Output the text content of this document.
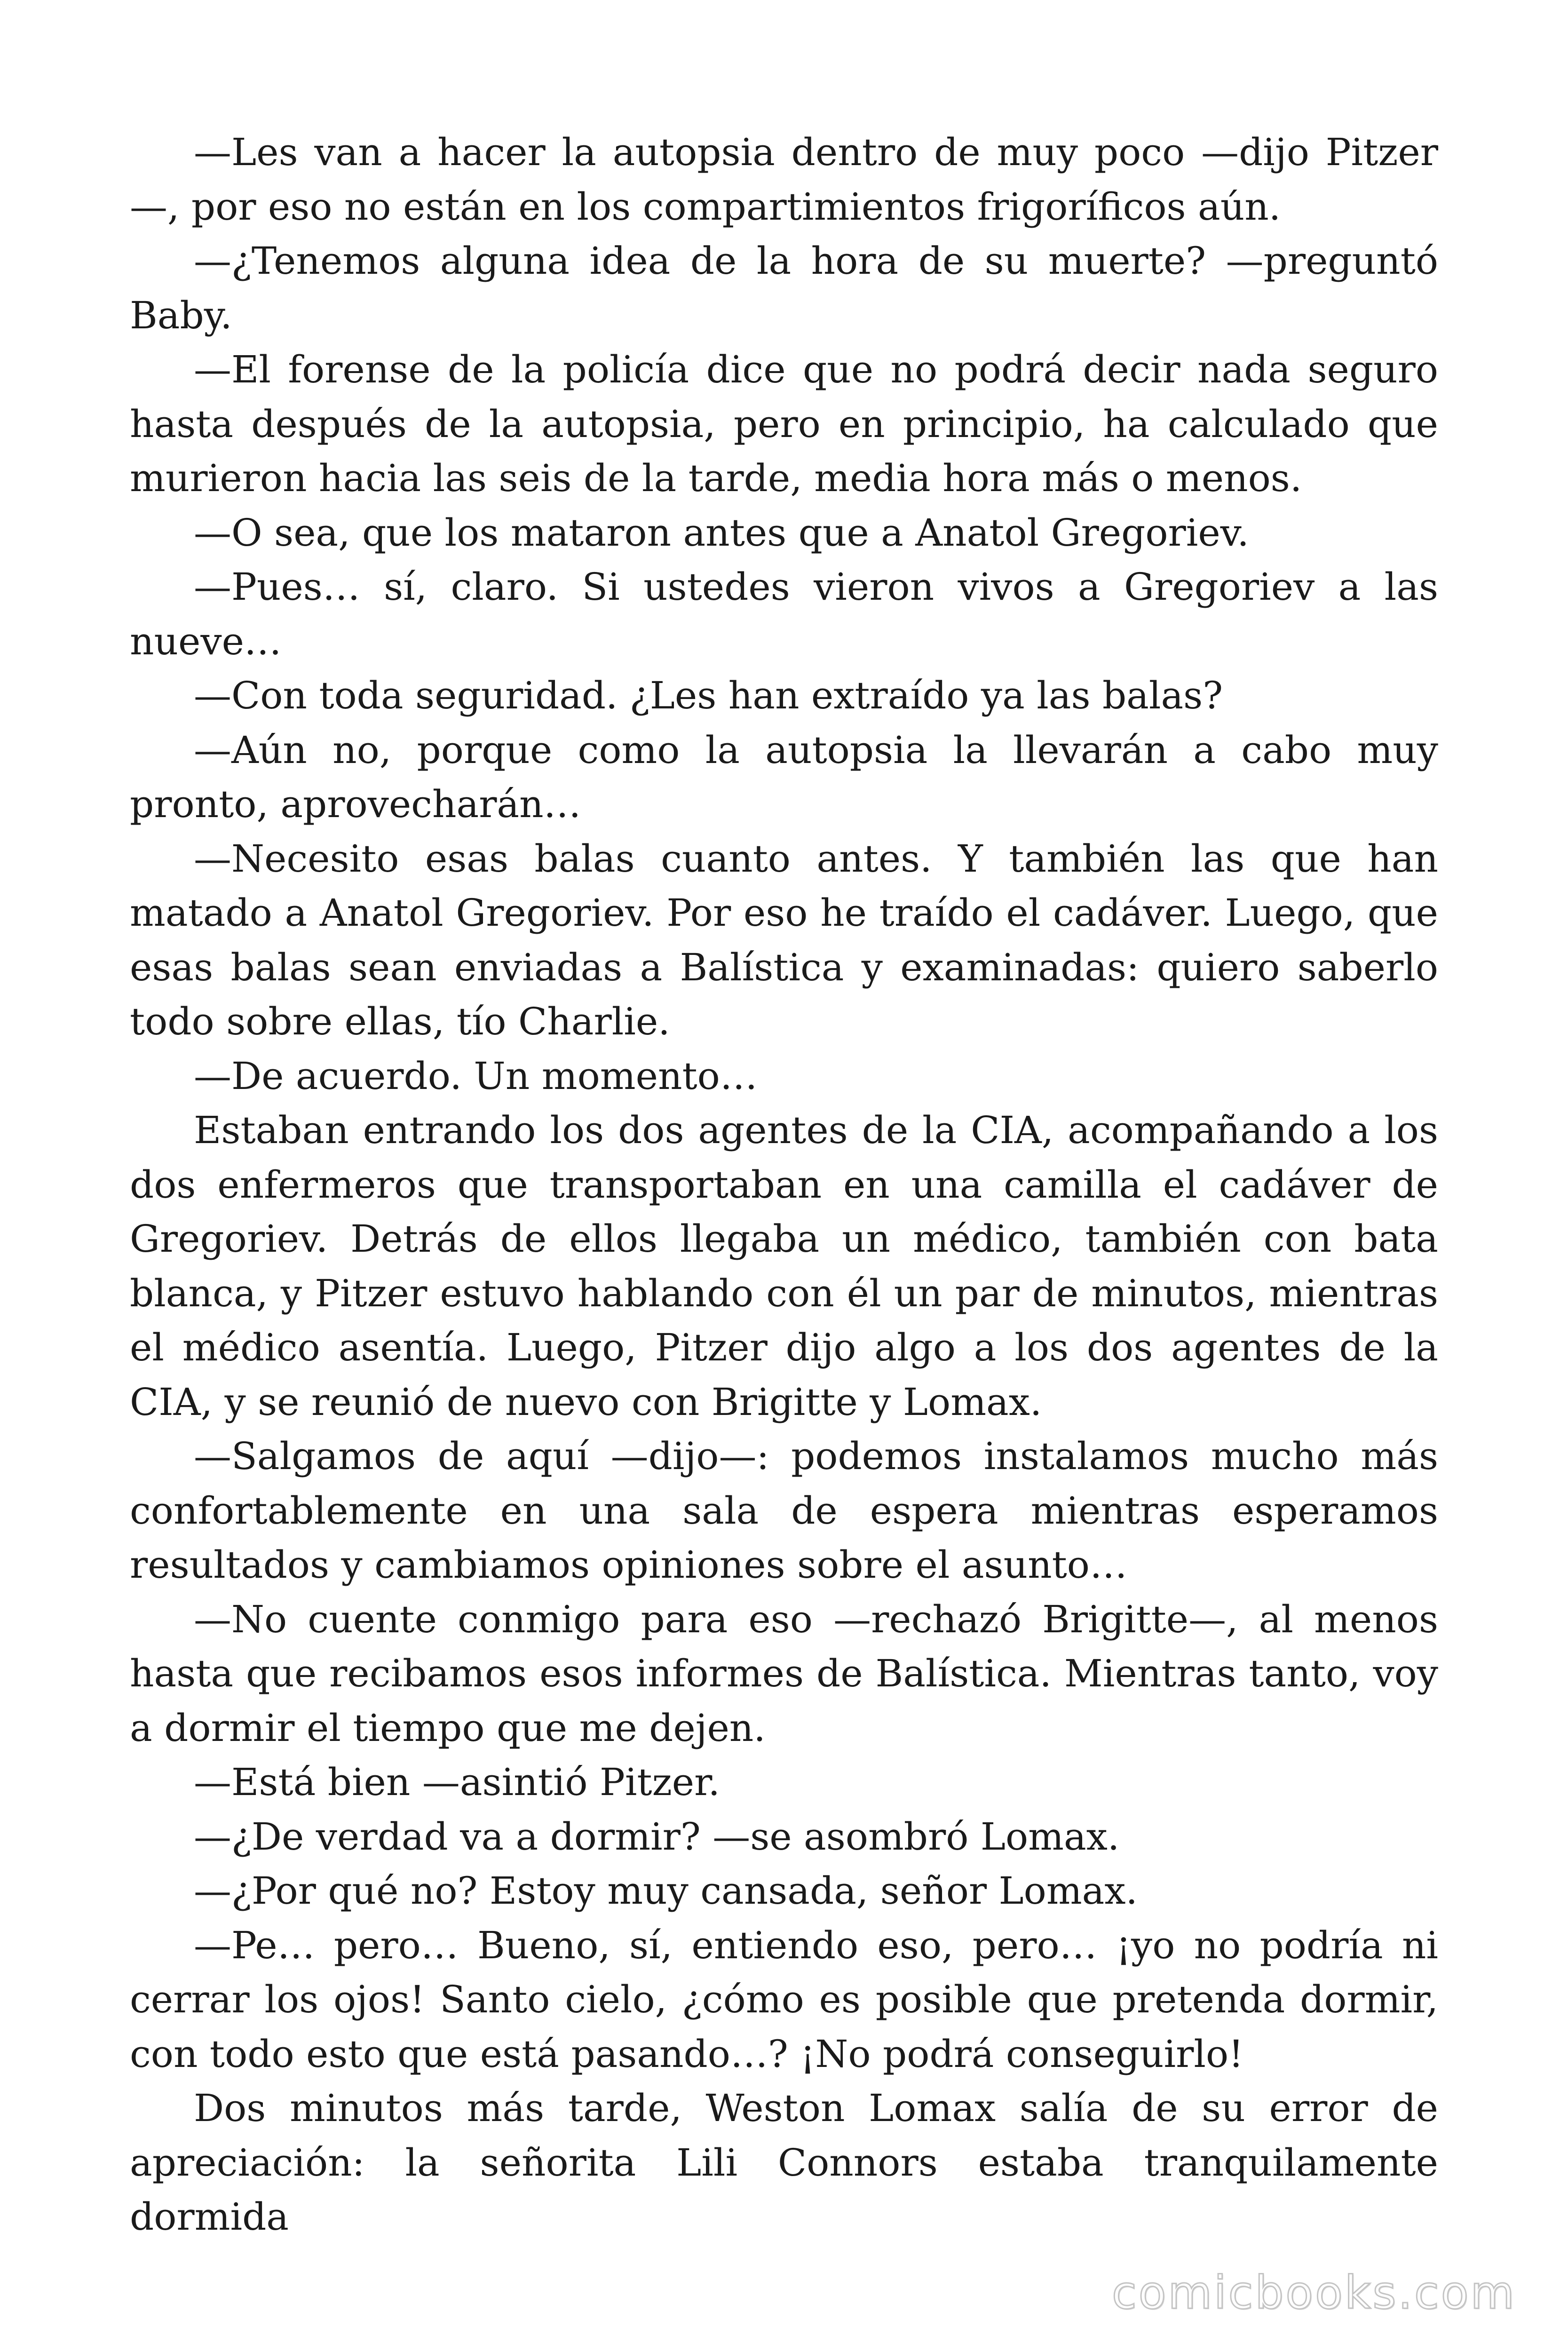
—Les van a hacer la autopsia dentro de muy poco —dijo Pitzer—, por eso no están en los compartimientos frigoríficos aún.

—¿Tenemos alguna idea de la hora de su muerte? —preguntó Baby.

—El forense de la policía dice que no podrá decir nada seguro hasta después de la autopsia, pero en principio, ha calculado que murieron hacia las seis de la tarde, media hora más o menos.

—O sea, que los mataron antes que a Anatol Gregoriev.

—Pues… sí, claro. Si ustedes vieron vivos a Gregoriev a las nueve…

—Con toda seguridad. ¿Les han extraído ya las balas?

—Aún no, porque como la autopsia la llevarán a cabo muy pronto, aprovecharán…

—Necesito esas balas cuanto antes. Y también las que han matado a Anatol Gregoriev. Por eso he traído el cadáver. Luego, que esas balas sean enviadas a Balística y examinadas: quiero saberlo todo sobre ellas, tío Charlie.

—De acuerdo. Un momento…

Estaban entrando los dos agentes de la CIA, acompañando a los dos enfermeros que transportaban en una camilla el cadáver de Gregoriev. Detrás de ellos llegaba un médico, también con bata blanca, y Pitzer estuvo hablando con él un par de minutos, mientras el médico asentía. Luego, Pitzer dijo algo a los dos agentes de la CIA, y se reunió de nuevo con Brigitte y Lomax.

—Salgamos de aquí —dijo—: podemos instalamos mucho más confortablemente en una sala de espera mientras esperamos resultados y cambiamos opiniones sobre el asunto…

—No cuente conmigo para eso —rechazó Brigitte—, al menos hasta que recibamos esos informes de Balística. Mientras tanto, voy a dormir el tiempo que me dejen.

—Está bien —asintió Pitzer.

—¿De verdad va a dormir? —se asombró Lomax.

—¿Por qué no? Estoy muy cansada, señor Lomax.

—Pe… pero… Bueno, sí, entiendo eso, pero… ¡yo no podría ni cerrar los ojos! Santo cielo, ¿cómo es posible que pretenda dormir, con todo esto que está pasando…? ¡No podrá conseguirlo!

Dos minutos más tarde, Weston Lomax salía de su error de apreciación: la señorita Lili Connors estaba tranquilamente dormida

comicbooks.com
